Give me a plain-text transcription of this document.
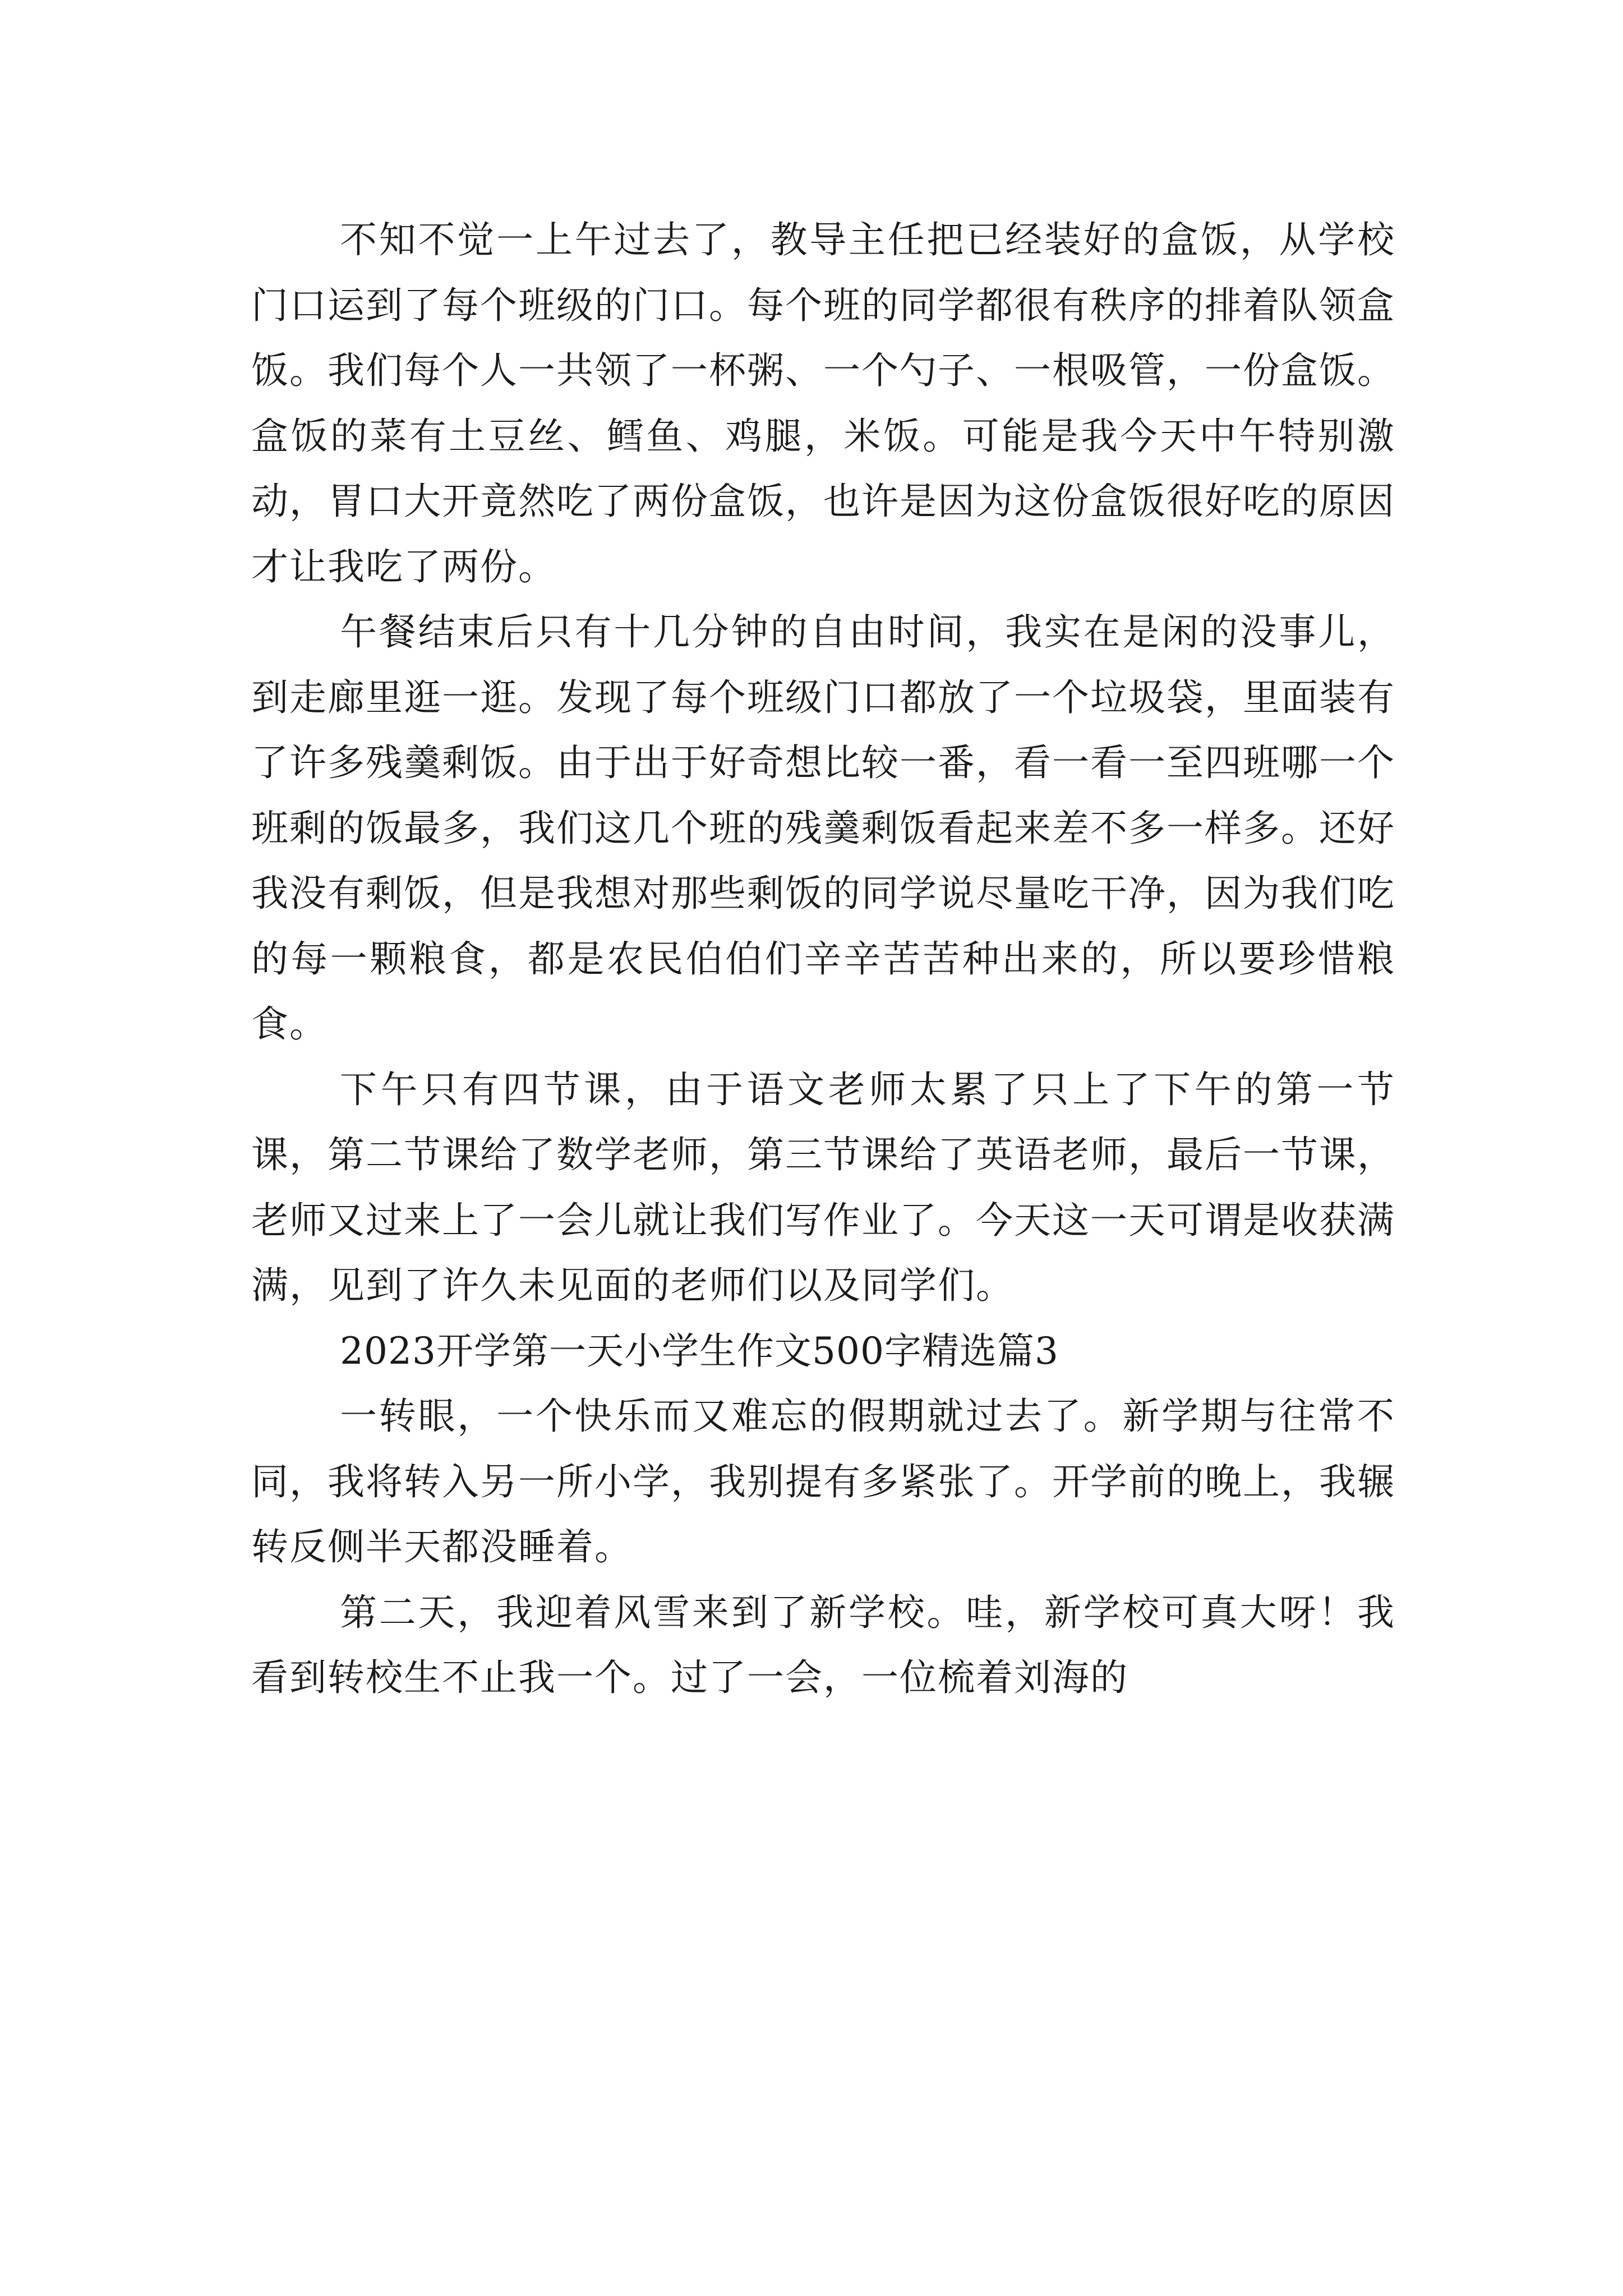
不知不觉一上午过去了，教导主任把已经装好的盒饭，从学校门口运到了每个班级的门口。每个班的同学都很有秩序的排着队领盒饭。我们每个人一共领了一杯粥、一个勺子、一根吸管，一份盒饭。盒饭的菜有土豆丝、鳕鱼、鸡腿，米饭。可能是我今天中午特别激动，胃口大开竟然吃了两份盒饭，也许是因为这份盒饭很好吃的原因才让我吃了两份。

午餐结束后只有十几分钟的自由时间，我实在是闲的没事儿，到走廊里逛一逛。发现了每个班级门口都放了一个垃圾袋，里面装有了许多残羹剩饭。由于出于好奇想比较一番，看一看一至四班哪一个班剩的饭最多，我们这几个班的残羹剩饭看起来差不多一样多。还好我没有剩饭，但是我想对那些剩饭的同学说尽量吃干净，因为我们吃的每一颗粮食，都是农民伯伯们辛辛苦苦种出来的，所以要珍惜粮食。

下午只有四节课，由于语文老师太累了只上了下午的第一节课，第二节课给了数学老师，第三节课给了英语老师，最后一节课，老师又过来上了一会儿就让我们写作业了。今天这一天可谓是收获满满，见到了许久未见面的老师们以及同学们。

2023开学第一天小学生作文500字精选篇3

一转眼，一个快乐而又难忘的假期就过去了。新学期与往常不同，我将转入另一所小学，我别提有多紧张了。开学前的晚上，我辗转反侧半天都没睡着。

第二天，我迎着风雪来到了新学校。哇，新学校可真大呀！我看到转校生不止我一个。过了一会，一位梳着刘海的
